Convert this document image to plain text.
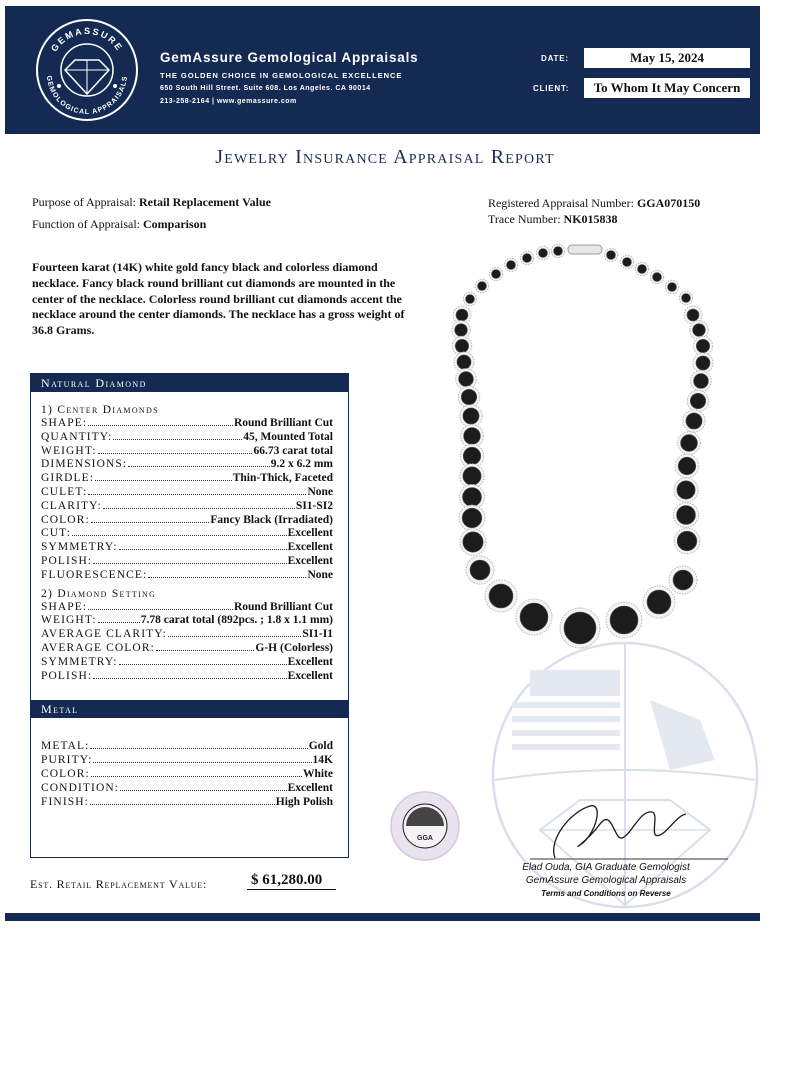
GEMASSURE
GEMOLOGICAL APPRAISALS
GemAssure Gemological Appraisals
THE GOLDEN CHOICE IN GEMOLOGICAL EXCELLENCE
650 South Hill Street. Suite 608. Los Angeles. CA 90014
213-258-2164 | www.gemassure.com
DATE:	May 15, 2024
CLIENT:	To Whom It May Concern
Jewelry Insurance Appraisal Report
Purpose of Appraisal: Retail Replacement Value
Function of Appraisal: Comparison
Registered Appraisal Number: GGA070150
Trace Number: NK015838
Fourteen karat (14K) white gold fancy black and colorless diamond necklace. Fancy black round brilliant cut diamonds are mounted in the center of the necklace. Colorless round brilliant cut diamonds accent the necklace around the center diamonds. The necklace has a gross weight of 36.8 Grams.
GGA
Natural Diamond
1) Center Diamonds
SHAPE:	Round Brilliant Cut
QUANTITY:	45, Mounted Total
WEIGHT:	66.73 carat total
DIMENSIONS:	9.2 x 6.2 mm
GIRDLE:	Thin-Thick, Faceted
CULET:	None
CLARITY:	SI1-SI2
COLOR:	Fancy Black (Irradiated)
CUT:	Excellent
SYMMETRY:	Excellent
POLISH:	Excellent
FLUORESCENCE:	None
2) Diamond Setting
SHAPE:	Round Brilliant Cut
WEIGHT:	7.78 carat total (892pcs. ; 1.8 x 1.1 mm)
AVERAGE CLARITY:	SI1-I1
AVERAGE COLOR:	G-H (Colorless)
SYMMETRY:	Excellent
POLISH:	Excellent
Metal
METAL:	Gold
PURITY:	14K
COLOR:	White
CONDITION:	Excellent
FINISH:	High Polish
Est. Retail Replacement Value:	$ 61,280.00
Elad Ouda, GIA Graduate Gemologist
GemAssure Gemological Appraisals
Terms and Conditions on Reverse
